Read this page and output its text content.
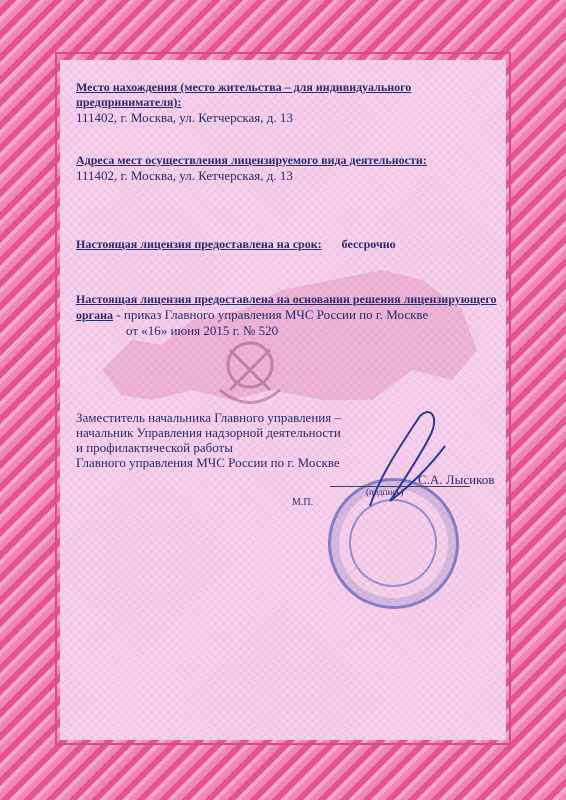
Место нахождения (место жительства – для индивидуального предпринимателя):
111402, г. Москва, ул. Кетчерская, д. 13
Адреса мест осуществления лицензируемого вида деятельности:
111402, г. Москва, ул. Кетчерская, д. 13
Настоящая лицензия предоставлена на срок: бессрочно
Настоящая лицензия предоставлена на основании решения лицензирующего
органа - приказ Главного управления МЧС России по г. Москве
от «16» июня 2015 г. № 520
Заместитель начальника Главного управления –
начальник Управления надзорной деятельности
и профилактической работы
Главного управления МЧС России по г. Москве
С.А. Лысиков
(подпись)
М.П.
